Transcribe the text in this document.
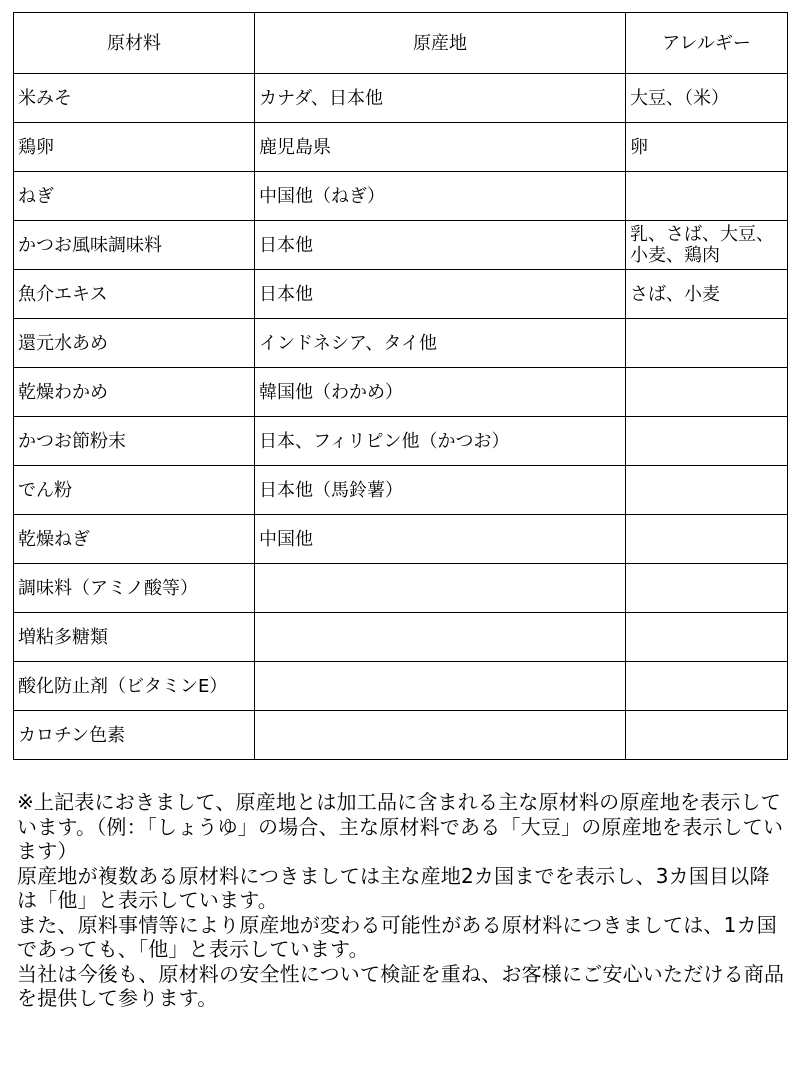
原材料	原産地	アレルギー
米みそ	カナダ、日本他	大豆、（米）
鶏卵	鹿児島県	卵
ねぎ	中国他（ねぎ）	
かつお風味調味料	日本他	乳、さば、大豆、小麦、鶏肉
魚介エキス	日本他	さば、小麦
還元水あめ	インドネシア、タイ他	
乾燥わかめ	韓国他（わかめ）	
かつお節粉末	日本、フィリピン他（かつお）	
でん粉	日本他（馬鈴薯）	
乾燥ねぎ	中国他	
調味料（アミノ酸等）		
増粘多糖類		
酸化防止剤（ビタミンE）		
カロチン色素		

※上記表におきまして、原産地とは加工品に含まれる主な原材料の原産地を表示しています。（例：「しょうゆ」の場合、主な原材料である「大豆」の原産地を表示しています）

原産地が複数ある原材料につきましては主な産地2カ国までを表示し、3カ国目以降は「他」と表示しています。

また、原料事情等により原産地が変わる可能性がある原材料につきましては、1カ国であっても、「他」と表示しています。

当社は今後も、原材料の安全性について検証を重ね、お客様にご安心いただける商品を提供して参ります。
